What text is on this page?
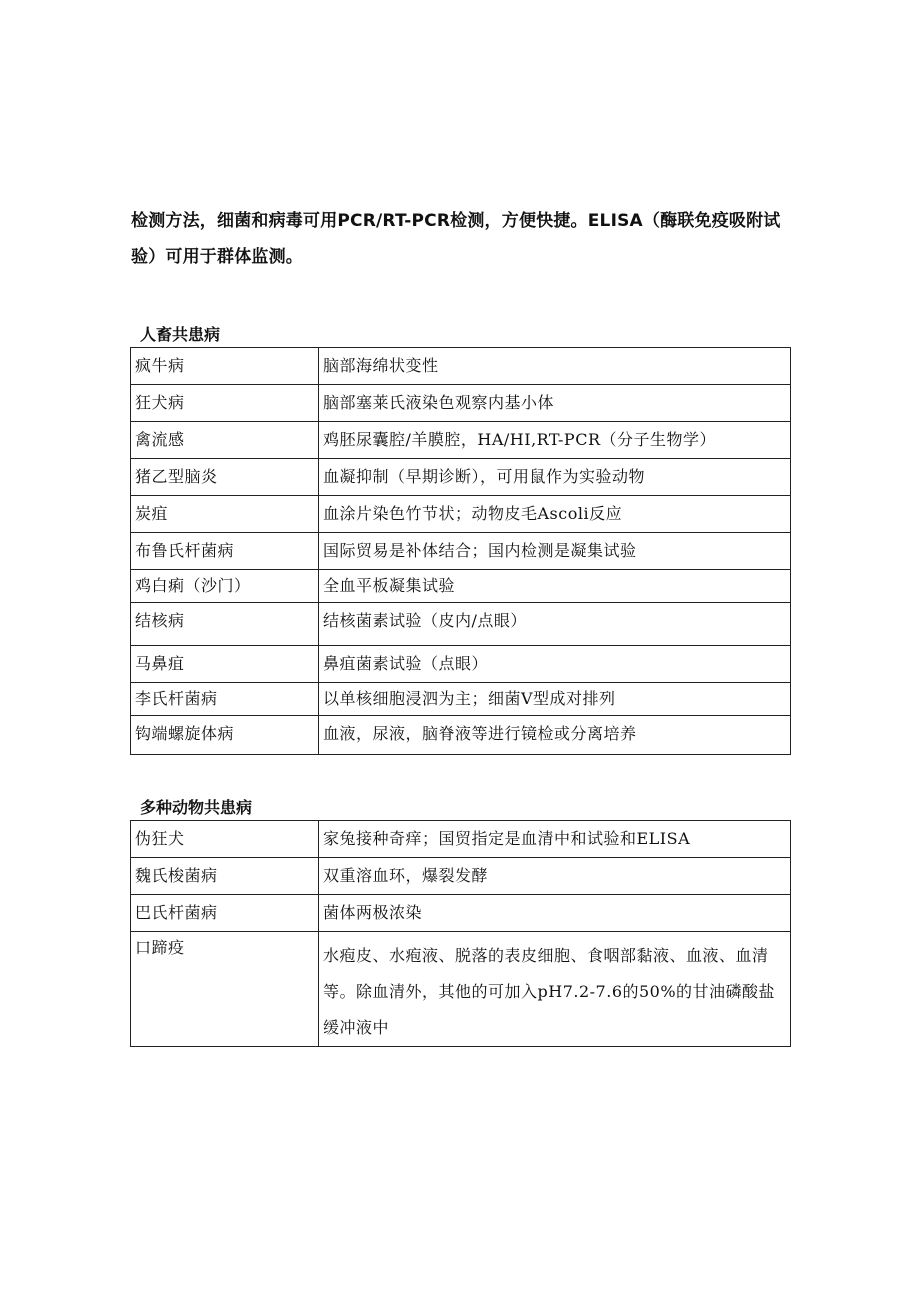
检测方法，细菌和病毒可用PCR/RT-PCR检测，方便快捷。ELISA（酶联免疫吸附试
验）可用于群体监测。

人畜共患病
疯牛病	脑部海绵状变性
狂犬病	脑部塞莱氏液染色观察内基小体
禽流感	鸡胚尿囊腔/羊膜腔，HA/HI,RT-PCR（分子生物学）
猪乙型脑炎	血凝抑制（早期诊断），可用鼠作为实验动物
炭疽	血涂片染色竹节状；动物皮毛Ascoli反应
布鲁氏杆菌病	国际贸易是补体结合；国内检测是凝集试验
鸡白痢（沙门）	全血平板凝集试验
结核病	结核菌素试验（皮内/点眼）
马鼻疽	鼻疽菌素试验（点眼）
李氏杆菌病	以单核细胞浸泗为主；细菌V型成对排列
钩端螺旋体病	血液，尿液，脑脊液等进行镜检或分离培养
多种动物共患病
伪狂犬	家兔接种奇痒；国贸指定是血清中和试验和ELISA
魏氏梭菌病	双重溶血环，爆裂发酵
巴氏杆菌病	菌体两极浓染
口蹄疫	水疱皮、水疱液、脱落的表皮细胞、食咽部黏液、血液、血清等。除血清外，其他的可加入pH7.2-7.6的50%的甘油磷酸盐缓冲液中
